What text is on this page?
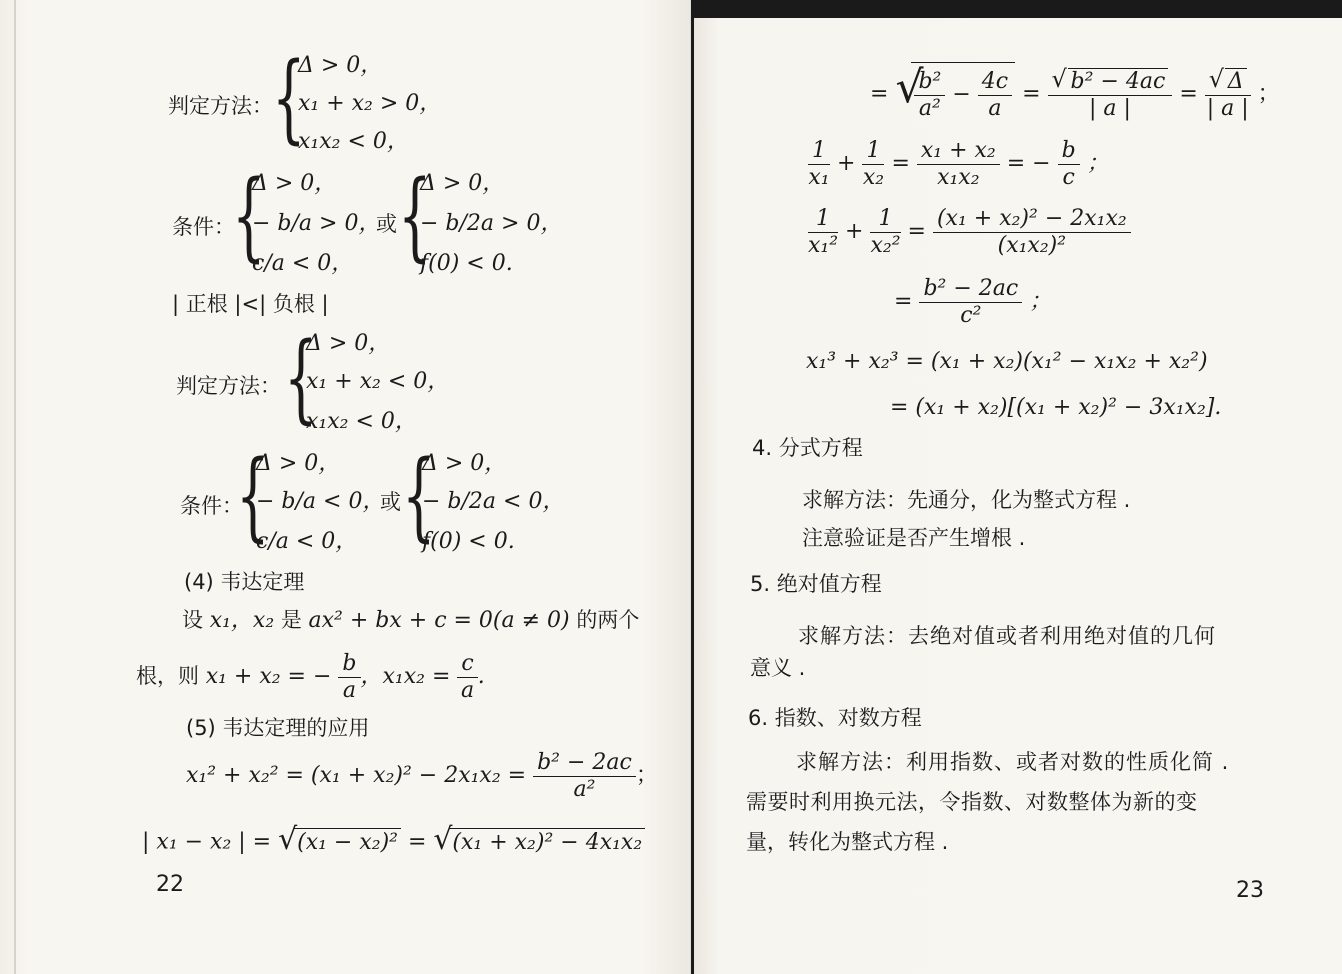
判定方法： {
Δ > 0，
x₁ + x₂ > 0，
x₁x₂ < 0，
条件：
{
Δ > 0，
− b/a > 0，
c/a < 0，
或 {
Δ > 0，
− b/2a > 0，
f(0) < 0.
| 正根 |<| 负根 |
判定方法： {
Δ > 0，
x₁ + x₂ < 0，
x₁x₂ < 0，
条件：
{
Δ > 0，
− b/a < 0，
c/a < 0，
或 {
Δ > 0，
− b/2a < 0，
f(0) < 0.
(4) 韦达定理
设 x₁，x₂ 是 ax² + bx + c = 0(a ≠ 0) 的两个
根，则 x₁ + x₂ = − $\frac{b}{a}$ ，$x_1x_2 = \frac{c}{a}$ .
(5) 韦达定理的应用
$x_1^2 + x_2^2 = (x_1 + x_2)^2 - 2x_1x_2 = \frac{\text{b² − 2ac}}{\text{a²}}$ ；
| x₁ − x₂ | = √ (x₁ − x₂)² = √ (x₁ + x₂)² − 4x₁x₂
22
= √
$\frac{\text{b²}}{\text{a²}} - \frac{4c}{a} = \frac{\text{√ b² − 4ac}}{| a |} = \frac{√ \Delta}{| a |}$ ；
$\frac{1}{\text{x₁}} + \frac{1}{\text{x₂}} = \frac{\text{x₁ + x₂}}{\text{x₁x₂}}$ = − $\frac{b}{c}$ ；
$\frac{1}{\text{x₁²}} + \frac{1}{\text{x₂²}} = \frac{\text{(x₁ + x₂)² − 2x₁x₂}}{\text{(x₁x₂)²}}$
= $\frac{\text{b² − 2ac}}{\text{c²}}$ ；
x₁³ + x₂³ = (x₁ + x₂)(x₁² − x₁x₂ + x₂²)
= (x₁ + x₂)[(x₁ + x₂)² − 3x₁x₂].
4. 分式方程
求解方法：先通分，化为整式方程 .
注意验证是否产生增根 .
5. 绝对值方程
求解方法：去绝对值或者利用绝对值的几何
意义 .
6. 指数、对数方程
求解方法：利用指数、或者对数的性质化简 .
需要时利用换元法，令指数、对数整体为新的变
量，转化为整式方程 .
23
